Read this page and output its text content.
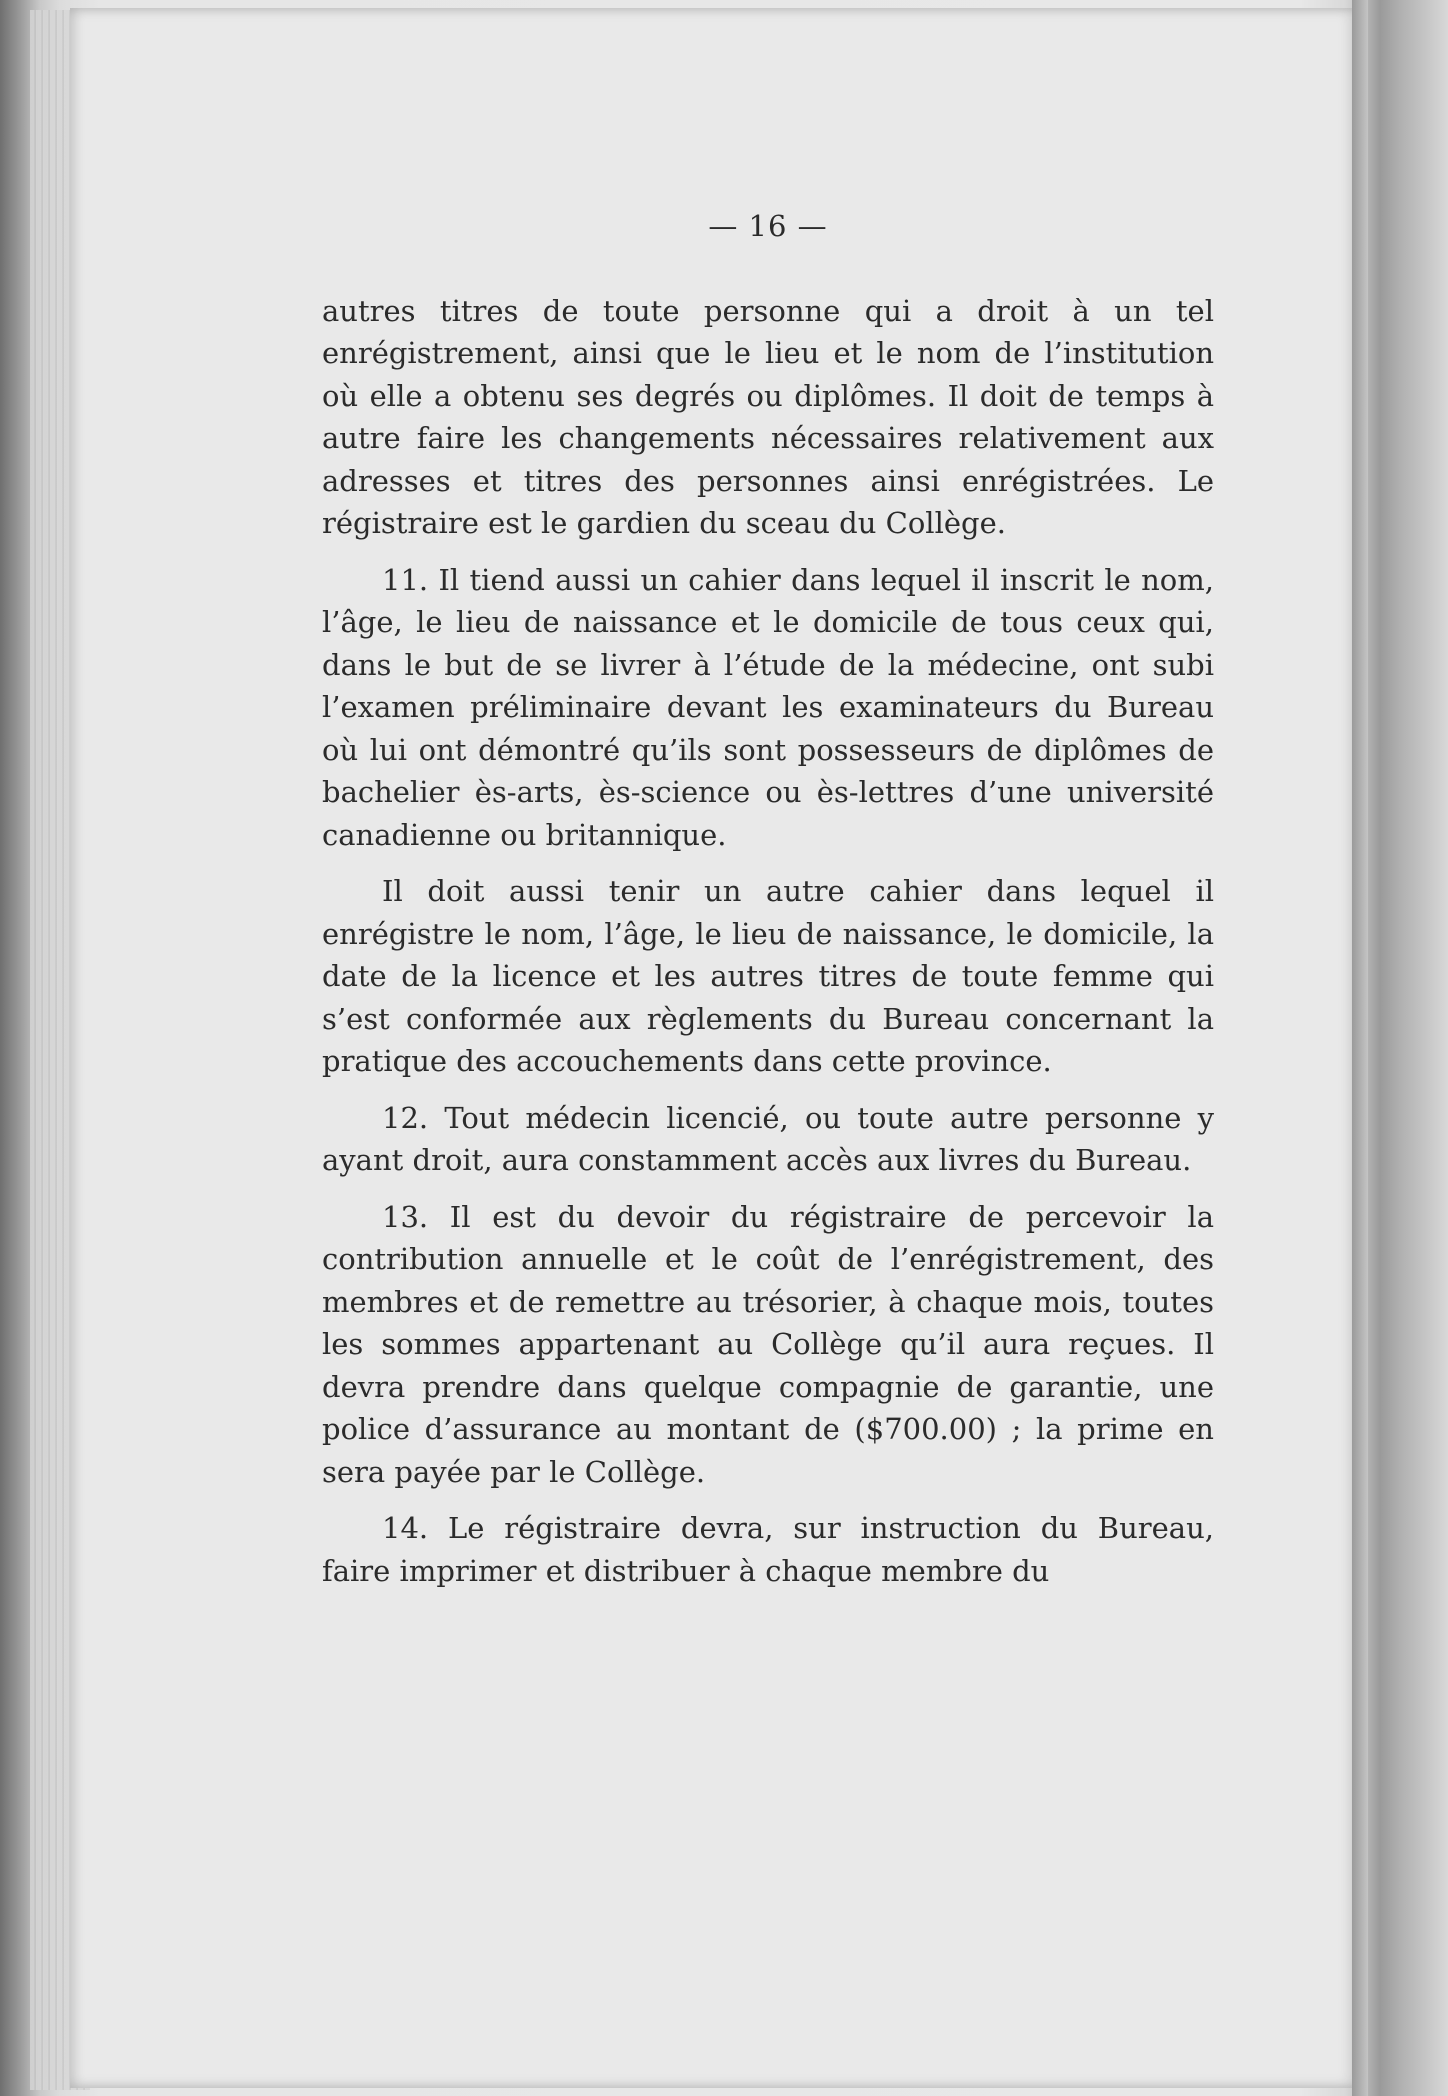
— 16 —

autres titres de toute personne qui a droit à un tel enrégistrement, ainsi que le lieu et le nom de l’institution où elle a obtenu ses degrés ou diplômes. Il doit de temps à autre faire les changements nécessaires relativement aux adresses et titres des personnes ainsi enrégistrées. Le régistraire est le gardien du sceau du Collège.

11. Il tiend aussi un cahier dans lequel il inscrit le nom, l’âge, le lieu de naissance et le domicile de tous ceux qui, dans le but de se livrer à l’étude de la médecine, ont subi l’examen préliminaire devant les examinateurs du Bureau où lui ont démontré qu’ils sont possesseurs de diplômes de bachelier ès-arts, ès-science ou ès-lettres d’une université canadienne ou britannique.

Il doit aussi tenir un autre cahier dans lequel il enrégistre le nom, l’âge, le lieu de naissance, le domicile, la date de la licence et les autres titres de toute femme qui s’est conformée aux règlements du Bureau concernant la pratique des accouchements dans cette province.

12. Tout médecin licencié, ou toute autre personne y ayant droit, aura constamment accès aux livres du Bureau.

13. Il est du devoir du régistraire de percevoir la contribution annuelle et le coût de l’enrégistrement, des membres et de remettre au trésorier, à chaque mois, toutes les sommes appartenant au Collège qu’il aura reçues. Il devra prendre dans quelque compagnie de garantie, une police d’assurance au montant de ($700.00) ; la prime en sera payée par le Collège.

14. Le régistraire devra, sur instruction du Bureau, faire imprimer et distribuer à chaque membre du
